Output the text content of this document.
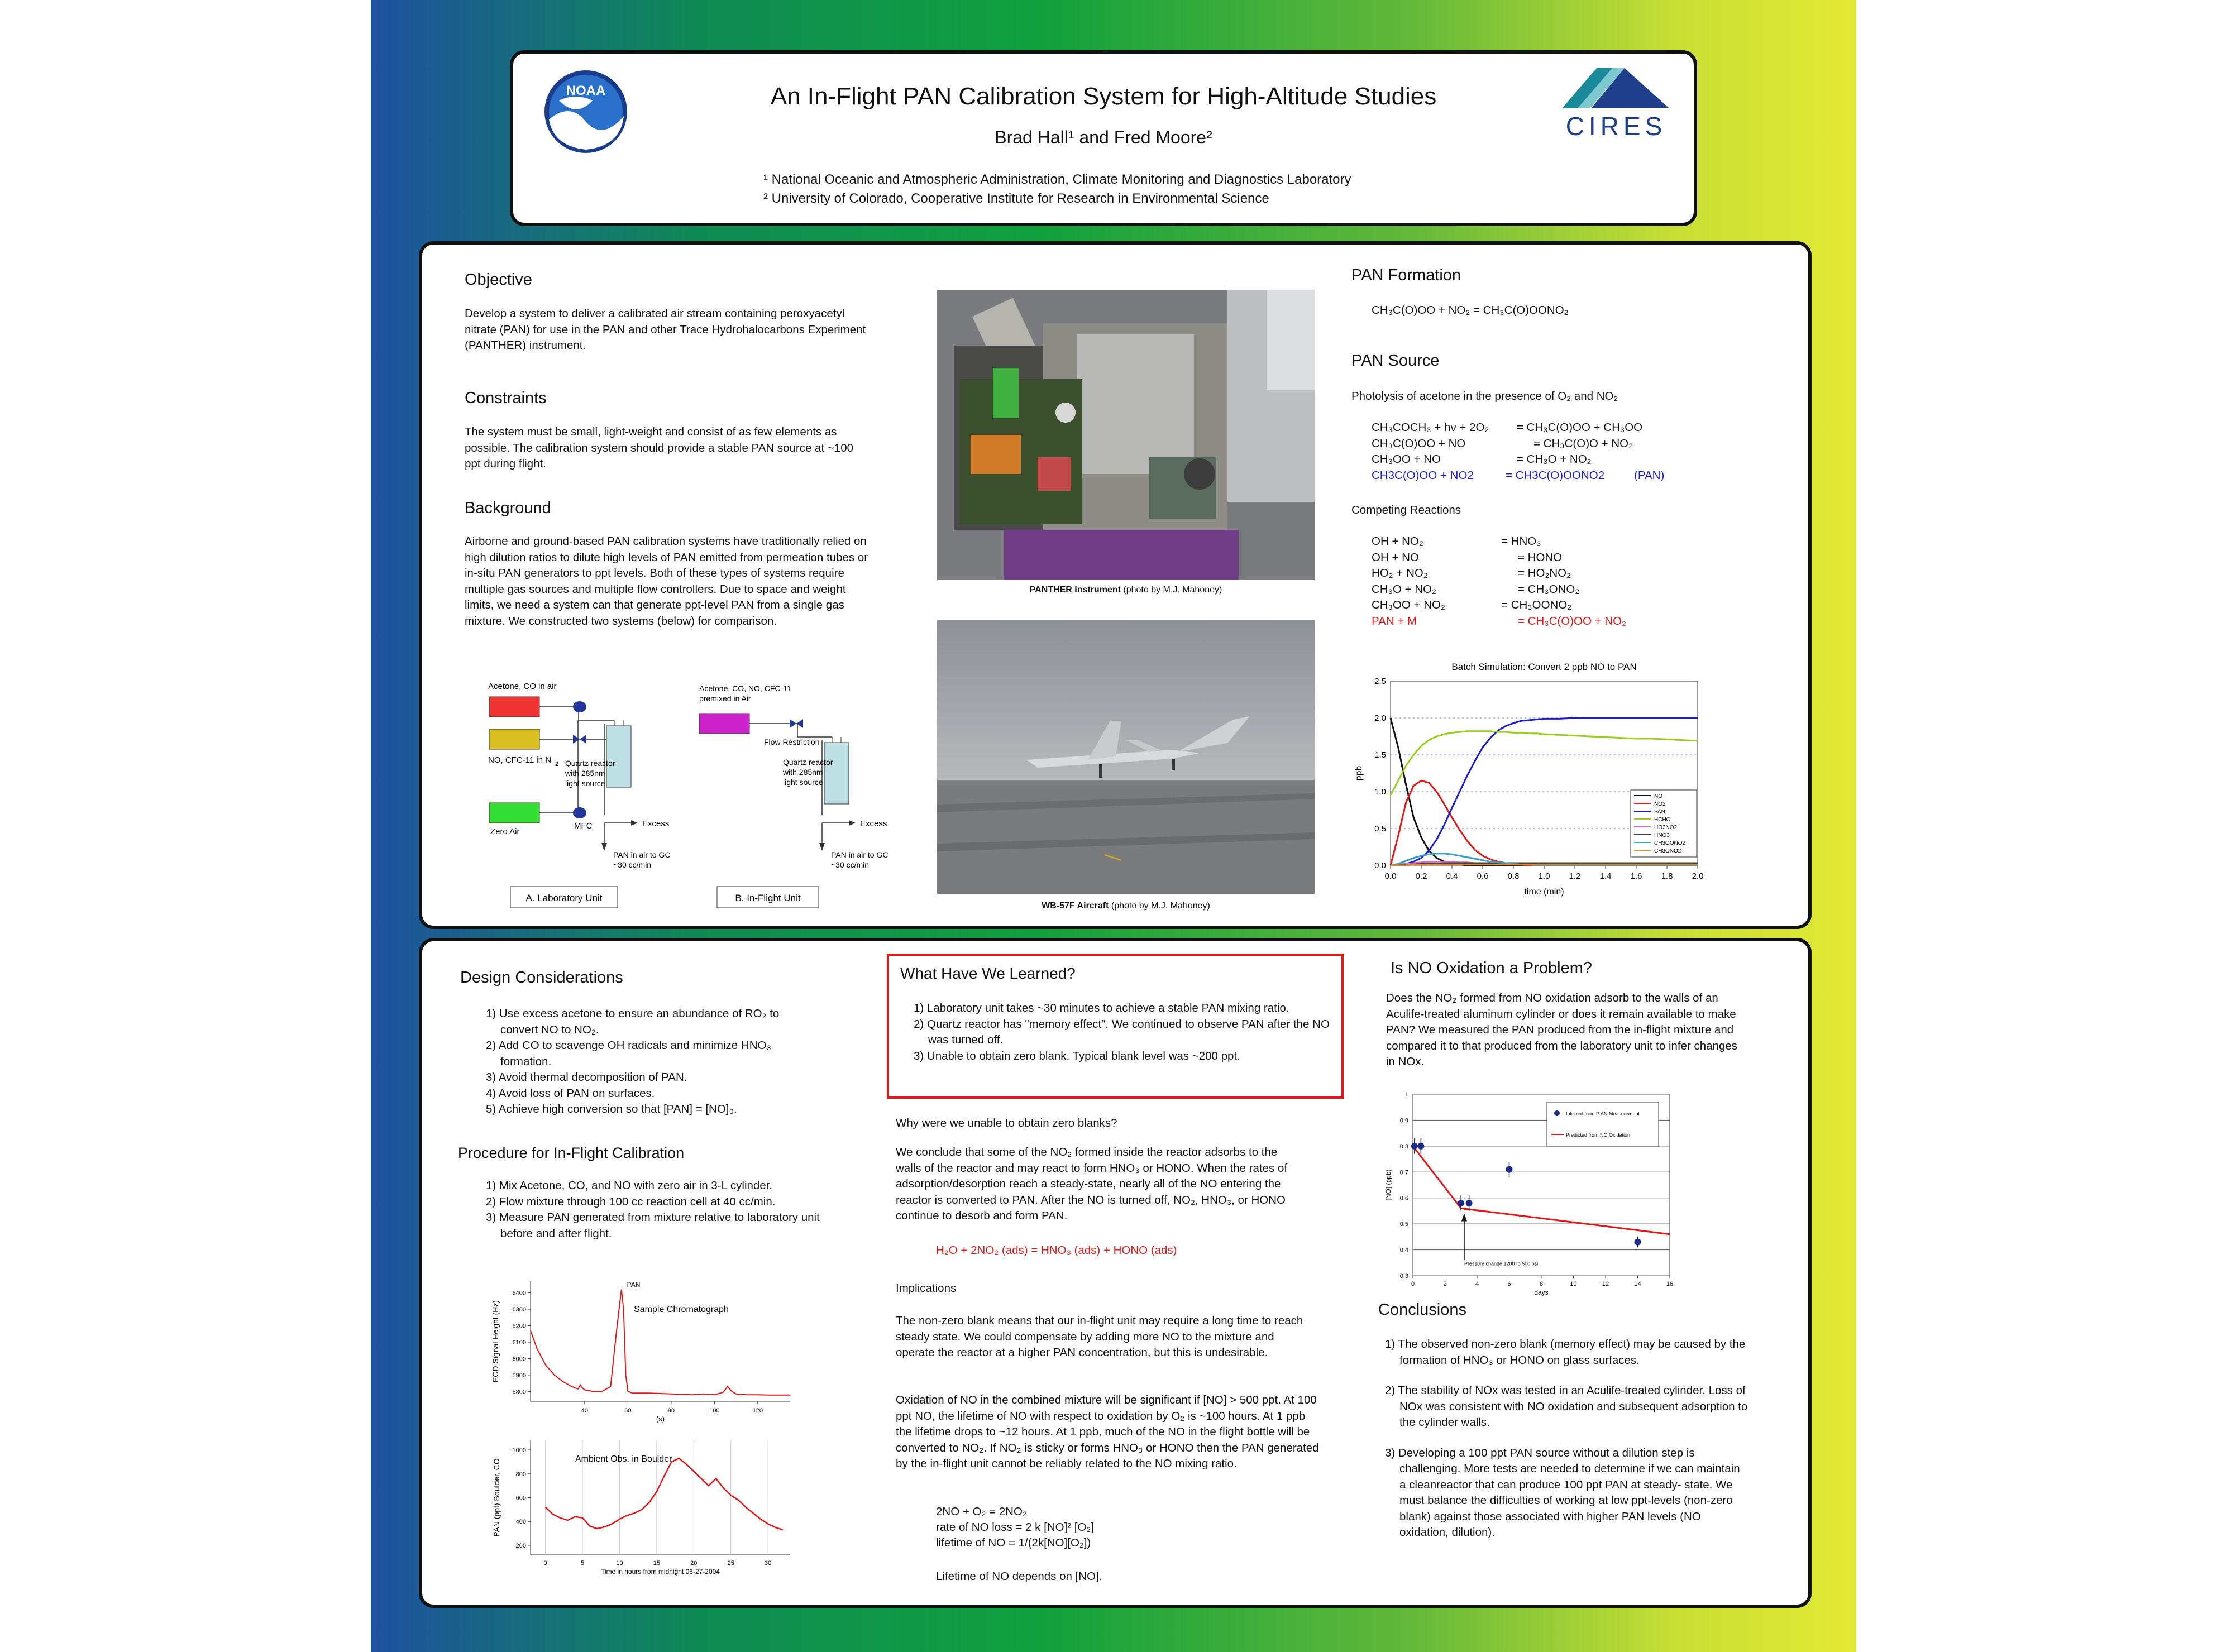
NOAA	An In-Flight PAN Calibration System for High-Altitude Studies
Brad Hall¹ and Fred Moore²
¹ National Oceanic and Atmospheric Administration, Climate Monitoring and Diagnostics Laboratory
² University of Colorado, Cooperative Institute for Research in Environmental Science
CIRES
Objective
Develop a system to deliver a calibrated air stream containing peroxyacetyl nitrate (PAN) for use in the PAN and other Trace Hydrohalocarbons Experiment (PANTHER) instrument.
Constraints
The system must be small, light-weight and consist of as few elements as possible. The calibration system should provide a stable PAN source at ~100 ppt during flight.
Background
Airborne and ground-based PAN calibration systems have traditionally relied on high dilution ratios to dilute high levels of PAN emitted from permeation tubes or in-situ PAN generators to ppt levels. Both of these types of systems require multiple gas sources and multiple flow controllers. Due to space and weight limits, we need a system can that generate ppt-level PAN from a single gas mixture. We constructed two systems (below) for comparison.
Acetone, CO in air
NO, CFC-11 in N 2
Zero Air
MFC
Quartz reactor
with 285nm
light source
Excess
PAN in air to GC
~30 cc/min
A. Laboratory Unit
Acetone, CO, NO, CFC-11
premixed in Air
Flow Restriction
Quartz reactor
with 285nm
light source
Excess
PAN in air to GC
~30 cc/min
B. In-Flight Unit
PANTHER Instrument (photo by M.J. Mahoney)
WB-57F Aircraft (photo by M.J. Mahoney)
PAN Formation
CH₃C(O)OO + NO₂ = CH₃C(O)OONO₂
PAN Source
Photolysis of acetone in the presence of O₂ and NO₂
CH₃COCH₃ + hν + 2O₂ = CH₃C(O)OO + CH₃OO
CH₃C(O)OO + NO	= CH₃C(O)O + NO₂
CH₃OO + NO	= CH₃O + NO₂
CH3C(O)OO + NO2	= CH3C(O)OONO2	(PAN)
Competing Reactions
OH + NO₂	= HNO₃
OH + NO	= HONO
HO₂ + NO₂	= HO₂NO₂
CH₃O + NO₂	= CH₃ONO₂
CH₃OO + NO₂	= CH₃OONO₂
PAN + M	= CH₃C(O)OO + NO₂
Batch Simulation: Convert 2 ppb NO to PAN
0.0
0.5
1.0
1.5
2.0
2.5
0.0 0.2 0.4 0.6 0.8 1.0 1.2 1.4 1.6 1.8 2.0
time (min)
ppb
NO
NO2
PAN
HCHO
HO2NO2
HNO3
CH3OONO2
CH3ONO2
Design Considerations
1) Use excess acetone to ensure an abundance of RO₂ to convert NO to NO₂.
2) Add CO to scavenge OH radicals and minimize HNO₃ formation.
3) Avoid thermal decomposition of PAN.
4) Avoid loss of PAN on surfaces.
5) Achieve high conversion so that [PAN] = [NO]₀.
Procedure for In-Flight Calibration
1) Mix Acetone, CO, and NO with zero air in 3-L cylinder.
2) Flow mixture through 100 cc reaction cell at 40 cc/min.
3) Measure PAN generated from mixture relative to laboratory unit before and after flight.
5800
5900
6000
6100
6200
6300
6400
40	60	80	100	120
(s)
ECD Signal Height (Hz)
PAN
Sample Chromatograph
200
400
600
800
1000
0	5	10	15	20	25	30
Time in hours from midnight 06-27-2004
PAN (ppt) Boulder, CO	Ambient Obs. in Boulder
What Have We Learned?
1) Laboratory unit takes ~30 minutes to achieve a stable PAN mixing ratio.
2) Quartz reactor has "memory effect". We continued to observe PAN after the NO was turned off.
3) Unable to obtain zero blank. Typical blank level was ~200 ppt.
Why were we unable to obtain zero blanks?
We conclude that some of the NO₂ formed inside the reactor adsorbs to the walls of the reactor and may react to form HNO₃ or HONO. When the rates of adsorption/desorption reach a steady-state, nearly all of the NO entering the reactor is converted to PAN. After the NO is turned off, NO₂, HNO₃, or HONO continue to desorb and form PAN.
H₂O + 2NO₂ (ads) = HNO₃ (ads) + HONO (ads)
Implications
The non-zero blank means that our in-flight unit may require a long time to reach steady state. We could compensate by adding more NO to the mixture and operate the reactor at a higher PAN concentration, but this is undesirable.
Oxidation of NO in the combined mixture will be significant if [NO] > 500 ppt. At 100 ppt NO, the lifetime of NO with respect to oxidation by O₂ is ~100 hours. At 1 ppb the lifetime drops to ~12 hours. At 1 ppb, much of the NO in the flight bottle will be converted to NO₂. If NO₂ is sticky or forms HNO₃ or HONO then the PAN generated by the in-flight unit cannot be reliably related to the NO mixing ratio.
2NO + O₂ = 2NO₂
rate of NO loss = 2 k [NO]² [O₂]
lifetime of NO = 1/(2k[NO][O₂])
Lifetime of NO depends on [NO].
Is NO Oxidation a Problem?
Does the NO₂ formed from NO oxidation adsorb to the walls of an Aculife-treated aluminum cylinder or does it remain available to make PAN? We measured the PAN produced from the in-flight mixture and compared it to that produced from the laboratory unit to infer changes in NOx.
0.3
0.4
0.5
0.6
0.7
0.8
0.9
1
0	2	4	6	8	10	12	14	16
days
[NO] (ppb)
Pressure change 1200 to 500 psi
Inferred from P AN Measurement
Predicted from NO Oxidation
Conclusions
1) The observed non-zero blank (memory effect) may be caused by the formation of HNO₃ or HONO on glass surfaces.
2) The stability of NOx was tested in an Aculife-treated cylinder. Loss of NOx was consistent with NO oxidation and subsequent adsorption to the cylinder walls.
3) Developing a 100 ppt PAN source without a dilution step is challenging. More tests are needed to determine if we can maintain a cleanreactor that can produce 100 ppt PAN at steady- state. We must balance the difficulties of working at low ppt-levels (non-zero blank) against those associated with higher PAN levels (NO oxidation, dilution).
